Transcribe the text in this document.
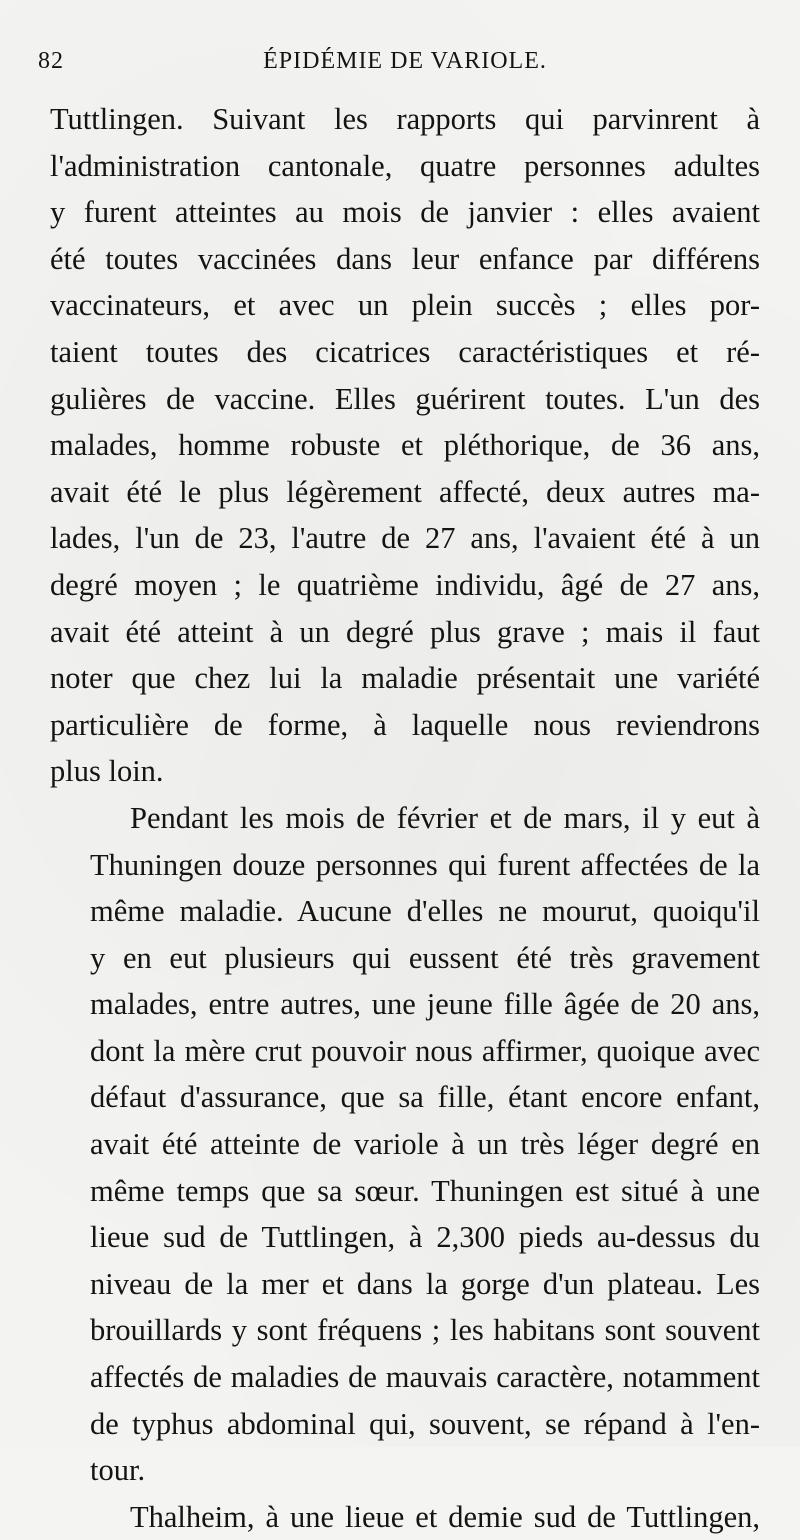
82	ÉPIDÉMIE DE VARIOLE.

Tuttlingen. Suivant les rapports qui parvinrent à
l'administration cantonale, quatre personnes adultes
y furent atteintes au mois de janvier : elles avaient
été toutes vaccinées dans leur enfance par différens
vaccinateurs, et avec un plein succès ; elles por-
taient toutes des cicatrices caractéristiques et ré-
gulières de vaccine. Elles guérirent toutes. L'un des
malades, homme robuste et pléthorique, de 36 ans,
avait été le plus légèrement affecté, deux autres ma-
lades, l'un de 23, l'autre de 27 ans, l'avaient été à un
degré moyen ; le quatrième individu, âgé de 27 ans,
avait été atteint à un degré plus grave ; mais il faut
noter que chez lui la maladie présentait une variété
particulière de forme, à laquelle nous reviendrons
plus loin.

Pendant les mois de février et de mars, il y eut à
Thuningen douze personnes qui furent affectées de la
même maladie. Aucune d'elles ne mourut, quoiqu'il
y en eut plusieurs qui eussent été très gravement
malades, entre autres, une jeune fille âgée de 20 ans,
dont la mère crut pouvoir nous affirmer, quoique avec
défaut d'assurance, que sa fille, étant encore enfant,
avait été atteinte de variole à un très léger degré en
même temps que sa sœur. Thuningen est situé à une
lieue sud de Tuttlingen, à 2,300 pieds au-dessus du
niveau de la mer et dans la gorge d'un plateau. Les
brouillards y sont fréquens ; les habitans sont souvent
affectés de maladies de mauvais caractère, notamment
de typhus abdominal qui, souvent, se répand à l'en-
tour.

Thalheim, à une lieue et demie sud de Tuttlingen,
